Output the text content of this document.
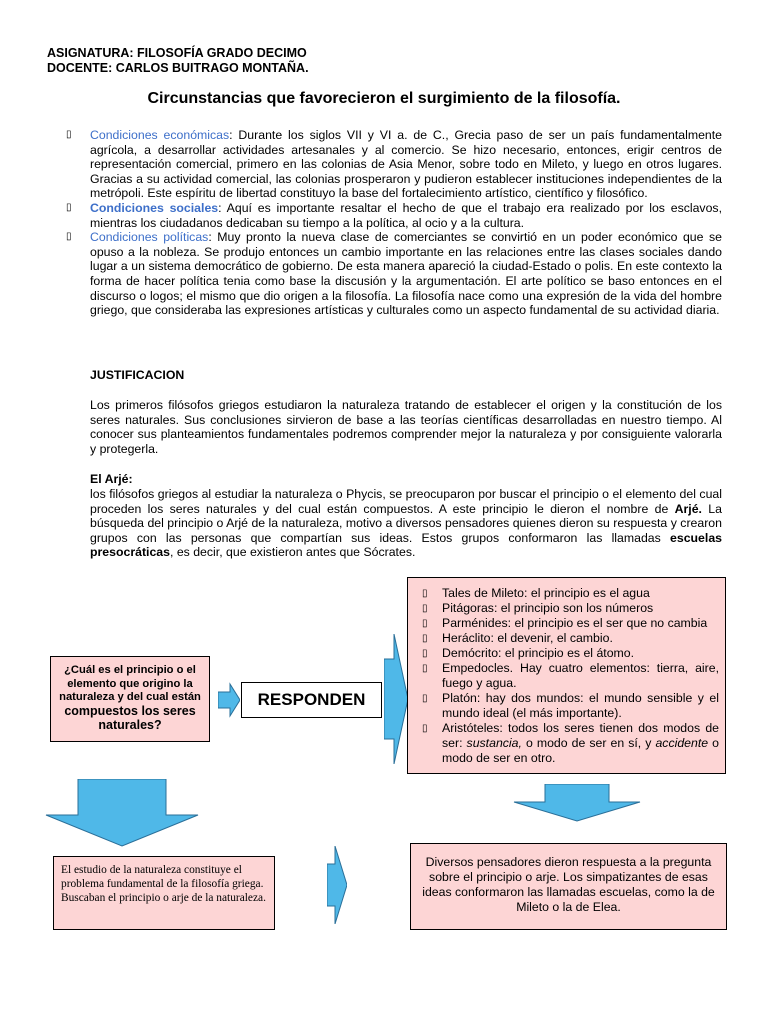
ASIGNATURA: FILOSOFÍA GRADO DECIMO
DOCENTE: CARLOS BUITRAGO MONTAÑA.
Circunstancias que favorecieron el surgimiento de la filosofía.
▯ Condiciones económicas: Durante los siglos VII y VI a. de C., Grecia paso de ser un país fundamentalmente agrícola, a desarrollar actividades artesanales y al comercio. Se hizo necesario, entonces, erigir centros de representación comercial, primero en las colonias de Asia Menor, sobre todo en Mileto, y luego en otros lugares. Gracias a su actividad comercial, las colonias prosperaron y pudieron establecer instituciones independientes de la metrópoli. Este espíritu de libertad constituyo la base del fortalecimiento artístico, científico y filosófico.
▯ Condiciones sociales: Aquí es importante resaltar el hecho de que el trabajo era realizado por los esclavos, mientras los ciudadanos dedicaban su tiempo a la política, al ocio y a la cultura.
▯ Condiciones políticas: Muy pronto la nueva clase de comerciantes se convirtió en un poder económico que se opuso a la nobleza. Se produjo entonces un cambio importante en las relaciones entre las clases sociales dando lugar a un sistema democrático de gobierno. De esta manera apareció la ciudad-Estado o polis. En este contexto la forma de hacer política tenia como base la discusión y la argumentación. El arte político se baso entonces en el discurso o logos; el mismo que dio origen a la filosofía. La filosofía nace como una expresión de la vida del hombre griego, que consideraba las expresiones artísticas y culturales como un aspecto fundamental de su actividad diaria.
JUSTIFICACION
Los primeros filósofos griegos estudiaron la naturaleza tratando de establecer el origen y la constitución de los seres naturales. Sus conclusiones sirvieron de base a las teorías científicas desarrolladas en nuestro tiempo. Al conocer sus planteamientos fundamentales podremos comprender mejor la naturaleza y por consiguiente valorarla y protegerla.
El Arjé:
los filósofos griegos al estudiar la naturaleza o Phycis, se preocuparon por buscar el principio o el elemento del cual proceden los seres naturales y del cual están compuestos. A este principio le dieron el nombre de Arjé. La búsqueda del principio o Arjé de la naturaleza, motivo a diversos pensadores quienes dieron su respuesta y crearon grupos con las personas que compartían sus ideas. Estos grupos conformaron las llamadas escuelas presocráticas, es decir, que existieron antes que Sócrates.
¿Cuál es el principio o el elemento que origino la naturaleza y del cual están compuestos los seres naturales?
RESPONDEN
▯ Tales de Mileto: el principio es el agua
▯ Pitágoras: el principio son los números
▯ Parménides: el principio es el ser que no cambia
▯ Heráclito: el devenir, el cambio.
▯ Demócrito: el principio es el átomo.
▯ Empedocles. Hay cuatro elementos: tierra, aire, fuego y agua.
▯ Platón: hay dos mundos: el mundo sensible y el mundo ideal (el más importante).
▯ Aristóteles: todos los seres tienen dos modos de ser: sustancia, o modo de ser en sí, y accidente o modo de ser en otro.
El estudio de la naturaleza constituye el problema fundamental de la filosofía griega. Buscaban el principio o arje de la naturaleza.
Diversos pensadores dieron respuesta a la pregunta sobre el principio o arje. Los simpatizantes de esas ideas conformaron las llamadas escuelas, como la de Mileto o la de Elea.
